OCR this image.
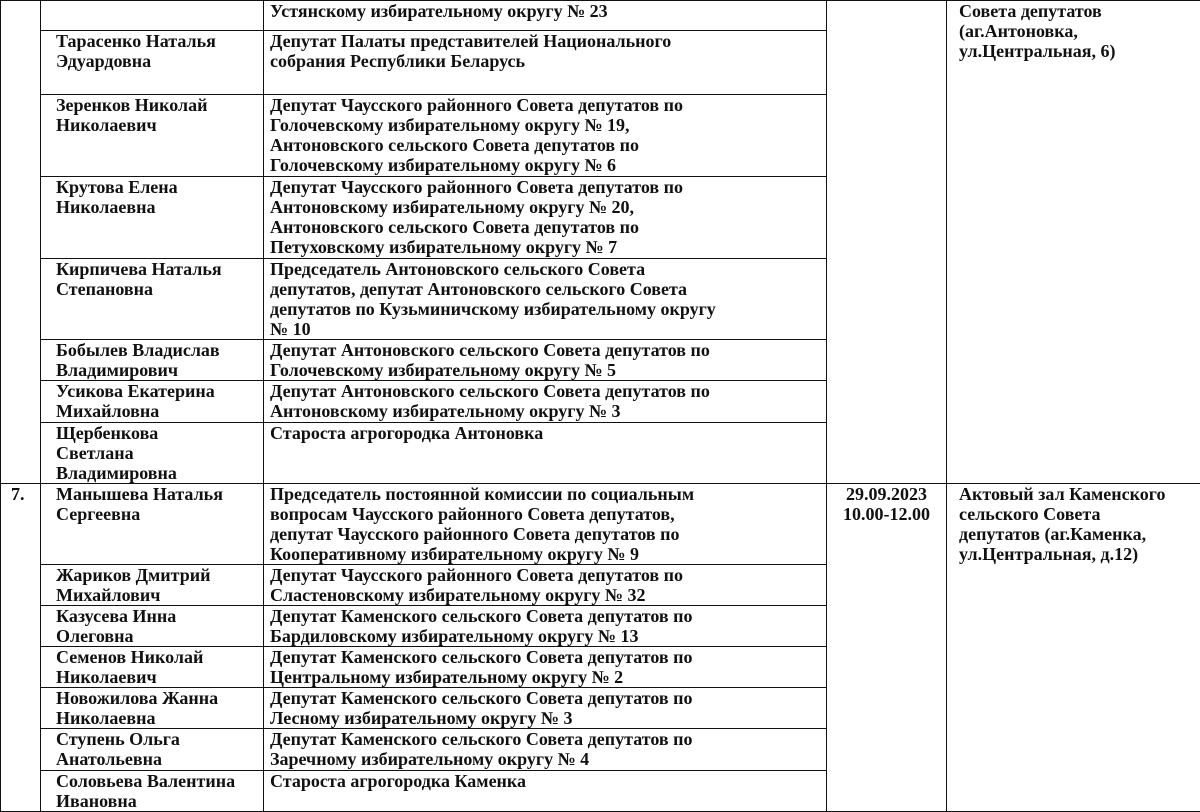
		Устянскому избирательному округу № 23		Совета депутатов
(аг.Антоновка,
ул.Центральная, 6)

	Тарасенко Наталья
Эдуардовна	Депутат Палаты представителей Национального
собрания Республики Беларусь		

	Зеренков Николай
Николаевич	Депутат Чаусского районного Совета депутатов по
Голочевскому избирательному округу № 19,
Антоновского сельского Совета депутатов по
Голочевскому избирательному округу № 6		

	Крутова Елена
Николаевна	Депутат Чаусского районного Совета депутатов по
Антоновскому избирательному округу № 20,
Антоновского сельского Совета депутатов по
Петуховскому избирательному округу № 7		

	Кирпичева Наталья
Степановна	Председатель Антоновского сельского Совета
депутатов, депутат Антоновского сельского Совета
депутатов по Кузьминичскому избирательному округу
№ 10		

	Бобылев Владислав
Владимирович	Депутат Антоновского сельского Совета депутатов по
Голочевскому избирательному округу № 5		

	Усикова Екатерина
Михайловна	Депутат Антоновского сельского Совета депутатов по
Антоновскому избирательному округу № 3		

	Щербенкова
Светлана
Владимировна	Староста агрогородка Антоновка		

7.	Манышева Наталья
Сергеевна	Председатель постоянной комиссии по социальным
вопросам Чаусского районного Совета депутатов,
депутат Чаусского районного Совета депутатов по
Кооперативному избирательному округу № 9	29.09.2023
10.00-12.00	Актовый зал Каменского
сельского Совета
депутатов (аг.Каменка,
ул.Центральная, д.12)

	Жариков Дмитрий
Михайлович	Депутат Чаусского районного Совета депутатов по
Сластеновскому избирательному округу № 32		

	Казусева Инна
Олеговна	Депутат Каменского сельского Совета депутатов по
Бардиловскому избирательному округу № 13		

	Семенов Николай
Николаевич	Депутат Каменского сельского Совета депутатов по
Центральному избирательному округу № 2		

	Новожилова Жанна
Николаевна	Депутат Каменского сельского Совета депутатов по
Лесному избирательному округу № 3		

	Ступень Ольга
Анатольевна	Депутат Каменского сельского Совета депутатов по
Заречному избирательному округу № 4		

	Соловьева Валентина
Ивановна	Староста агрогородка Каменка		
